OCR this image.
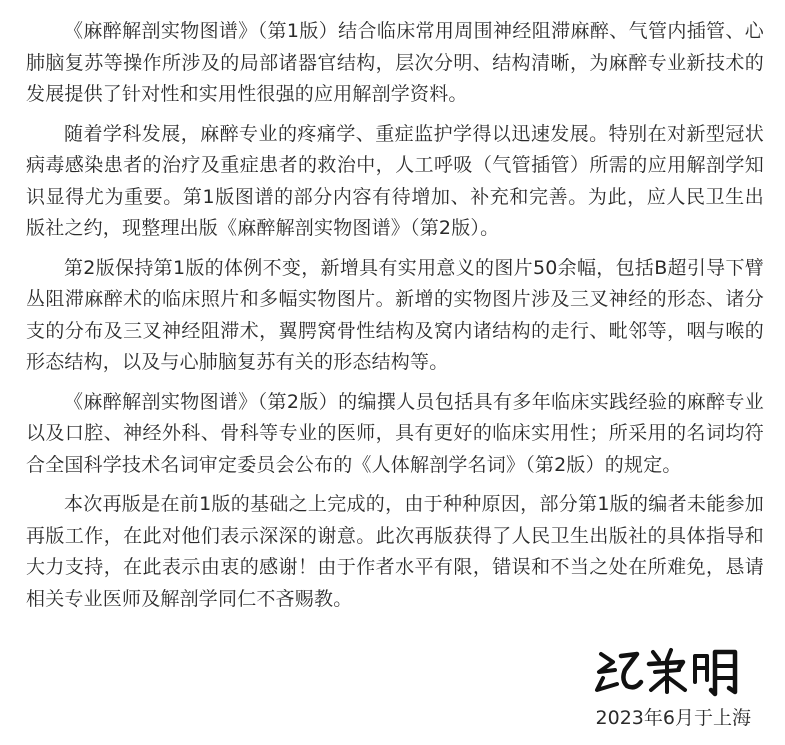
《麻醉解剖实物图谱》（第1版）结合临床常用周围神经阻滞麻醉、气管内插管、心肺脑复苏等操作所涉及的局部诸器官结构，层次分明、结构清晰，为麻醉专业新技术的发展提供了针对性和实用性很强的应用解剖学资料。

随着学科发展，麻醉专业的疼痛学、重症监护学得以迅速发展。特别在对新型冠状病毒感染患者的治疗及重症患者的救治中，人工呼吸（气管插管）所需的应用解剖学知识显得尤为重要。第1版图谱的部分内容有待增加、补充和完善。为此，应人民卫生出版社之约，现整理出版《麻醉解剖实物图谱》（第2版）。

第2版保持第1版的体例不变，新增具有实用意义的图片50余幅，包括B超引导下臂丛阻滞麻醉术的临床照片和多幅实物图片。新增的实物图片涉及三叉神经的形态、诸分支的分布及三叉神经阻滞术，翼腭窝骨性结构及窝内诸结构的走行、毗邻等，咽与喉的形态结构，以及与心肺脑复苏有关的形态结构等。

《麻醉解剖实物图谱》（第2版）的编撰人员包括具有多年临床实践经验的麻醉专业以及口腔、神经外科、骨科等专业的医师，具有更好的临床实用性；所采用的名词均符合全国科学技术名词审定委员会公布的《人体解剖学名词》（第2版）的规定。

本次再版是在前1版的基础之上完成的，由于种种原因，部分第1版的编者未能参加再版工作，在此对他们表示深深的谢意。此次再版获得了人民卫生出版社的具体指导和大力支持，在此表示由衷的感谢！由于作者水平有限，错误和不当之处在所难免，恳请相关专业医师及解剖学同仁不吝赐教。

2023年6月于上海
